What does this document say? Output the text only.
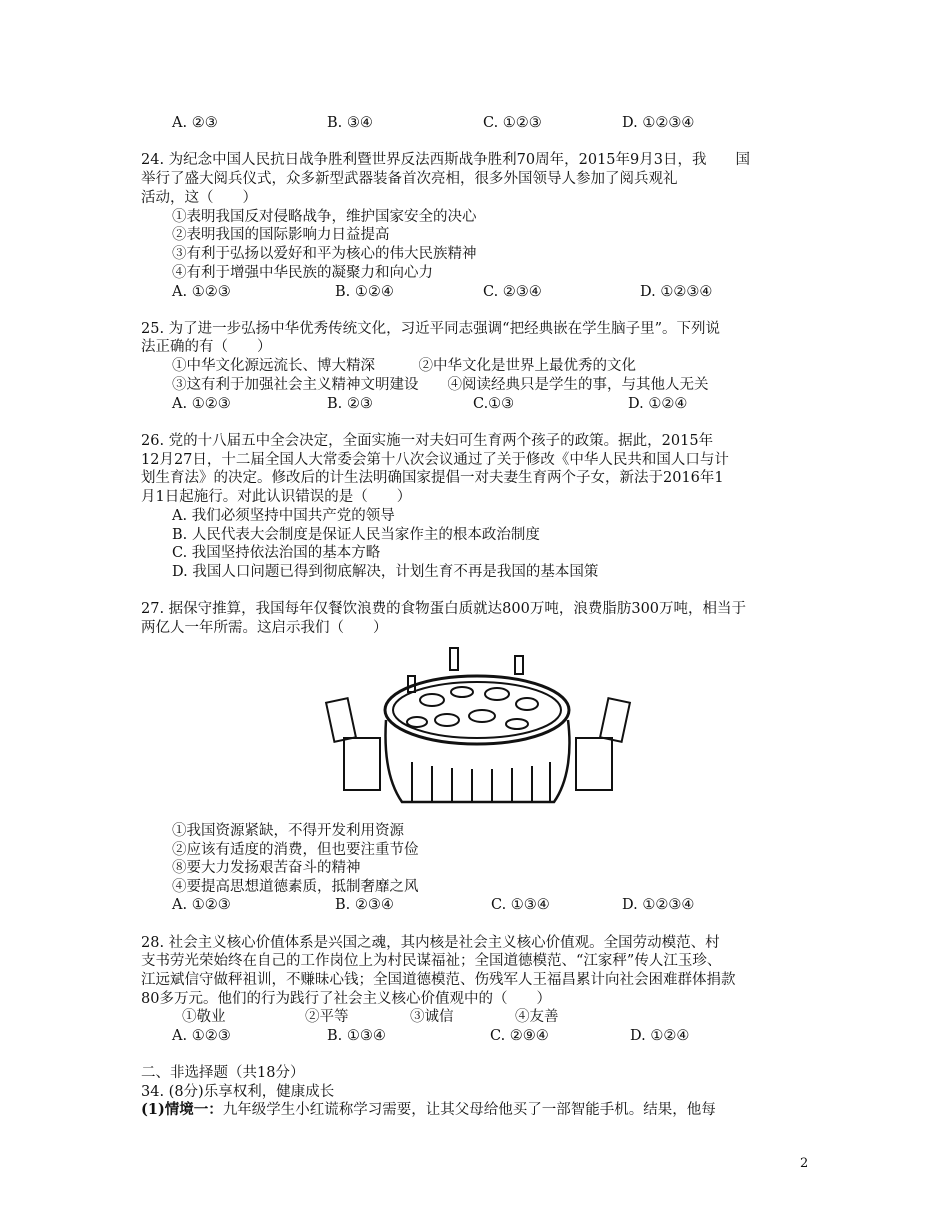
A. ②③	B. ③④	C. ①②③	D. ①②③④
24. 为纪念中国人民抗日战争胜利暨世界反法西斯战争胜利70周年，2015年9月3日，我　　国
举行了盛大阅兵仪式，众多新型武器装备首次亮相，很多外国领导人参加了阅兵观礼
活动，这（　　）
①表明我国反对侵略战争，维护国家安全的决心
②表明我国的国际影响力日益提高
③有利于弘扬以爱好和平为核心的伟大民族精神
④有利于增强中华民族的凝聚力和向心力
A. ①②③	B. ①②④	C. ②③④	D. ①②③④
25. 为了进一步弘扬中华优秀传统文化，习近平同志强调“把经典嵌在学生脑子里”。下列说
法正确的有（　　）
①中华文化源远流长、博大精深　　　②中华文化是世界上最优秀的文化
③这有利于加强社会主义精神文明建设　　④阅读经典只是学生的事，与其他人无关
A. ①②③	B. ②③	C.①③	D. ①②④
26. 党的十八届五中全会决定，全面实施一对夫妇可生育两个孩子的政策。据此，2015年
12月27日，十二届全国人大常委会第十八次会议通过了关于修改《中华人民共和国人口与计
划生育法》的决定。修改后的计生法明确国家提倡一对夫妻生育两个子女，新法于2016年1
月1日起施行。对此认识错误的是（　　）
A. 我们必须坚持中国共产党的领导
B. 人民代表大会制度是保证人民当家作主的根本政治制度
C. 我国坚持依法治国的基本方略
D. 我国人口问题已得到彻底解决，计划生育不再是我国的基本国策
27. 据保守推算，我国每年仅餐饮浪费的食物蛋白质就达800万吨，浪费脂肪300万吨，相当于
两亿人一年所需。这启示我们（　　）
①我国资源紧缺，不得开发利用资源
②应该有适度的消费，但也要注重节俭
⑧要大力发扬艰苦奋斗的精神
④要提高思想道德素质，抵制奢靡之风
A. ①②③	B. ②③④	C. ①③④	D. ①②③④
28. 社会主义核心价值体系是兴国之魂，其内核是社会主义核心价值观。全国劳动模范、村
支书劳光荣始终在自己的工作岗位上为村民谋福祉；全国道德模范、“江家秤”传人江玉珍、
江远斌信守做秤祖训，不赚昧心钱；全国道德模范、伤残军人王福昌累计向社会困难群体捐款
80多万元。他们的行为践行了社会主义核心价值观中的（　　）
①敬业	②平等	③诚信	④友善
A. ①②③	B. ①③④	C. ②⑨④	D. ①②④
二、非选择题（共18分）
34. (8分)乐享权利，健康成长
(1)情境一：九年级学生小红谎称学习需要，让其父母给他买了一部智能手机。结果，他每
2
